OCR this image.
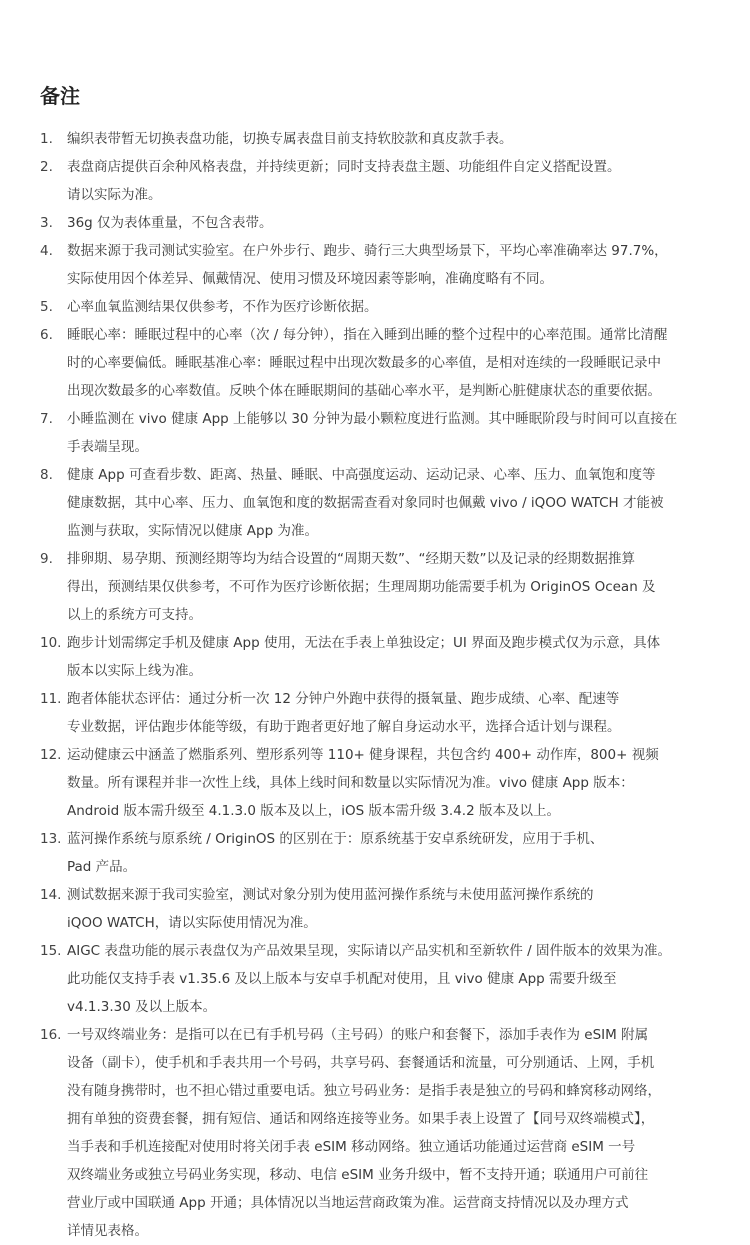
备注
1.	编织表带暂无切换表盘功能，切换专属表盘目前支持软胶款和真皮款手表。
2.	表盘商店提供百余种风格表盘，并持续更新；同时支持表盘主题、功能组件自定义搭配设置。
请以实际为准。
3.	36g 仅为表体重量，不包含表带。
4.	数据来源于我司测试实验室。在户外步行、跑步、骑行三大典型场景下，平均心率准确率达 97.7%，
实际使用因个体差异、佩戴情况、使用习惯及环境因素等影响，准确度略有不同。
5.	心率血氧监测结果仅供参考，不作为医疗诊断依据。
6.	睡眠心率：睡眠过程中的心率（次 / 每分钟），指在入睡到出睡的整个过程中的心率范围。通常比清醒
时的心率要偏低。睡眠基准心率：睡眠过程中出现次数最多的心率值，是相对连续的一段睡眠记录中
出现次数最多的心率数值。反映个体在睡眠期间的基础心率水平，是判断心脏健康状态的重要依据。
7.	小睡监测在 vivo 健康 App 上能够以 30 分钟为最小颗粒度进行监测。其中睡眠阶段与时间可以直接在
手表端呈现。
8.	健康 App 可查看步数、距离、热量、睡眠、中高强度运动、运动记录、心率、压力、血氧饱和度等
健康数据，其中心率、压力、血氧饱和度的数据需查看对象同时也佩戴 vivo / iQOO WATCH 才能被
监测与获取，实际情况以健康 App 为准。
9.	排卵期、易孕期、预测经期等均为结合设置的“周期天数”、“经期天数”以及记录的经期数据推算
得出，预测结果仅供参考，不可作为医疗诊断依据；生理周期功能需要手机为 OriginOS Ocean 及
以上的系统方可支持。
10. 跑步计划需绑定手机及健康 App 使用，无法在手表上单独设定；UI 界面及跑步模式仅为示意，具体
版本以实际上线为准。
11. 跑者体能状态评估：通过分析一次 12 分钟户外跑中获得的摄氧量、跑步成绩、心率、配速等
专业数据，评估跑步体能等级，有助于跑者更好地了解自身运动水平，选择合适计划与课程。
12. 运动健康云中涵盖了燃脂系列、塑形系列等 110+ 健身课程，共包含约 400+ 动作库，800+ 视频
数量。所有课程并非一次性上线，具体上线时间和数量以实际情况为准。vivo 健康 App 版本：
Android 版本需升级至 4.1.3.0 版本及以上，iOS 版本需升级 3.4.2 版本及以上。
13. 蓝河操作系统与原系统 / OriginOS 的区别在于：原系统基于安卓系统研发，应用于手机、
Pad 产品。
14. 测试数据来源于我司实验室，测试对象分别为使用蓝河操作系统与未使用蓝河操作系统的
iQOO WATCH，请以实际使用情况为准。
15. AIGC 表盘功能的展示表盘仅为产品效果呈现，实际请以产品实机和至新软件 / 固件版本的效果为准。
此功能仅支持手表 v1.35.6 及以上版本与安卓手机配对使用，且 vivo 健康 App 需要升级至
v4.1.3.30 及以上版本。
16. 一号双终端业务：是指可以在已有手机号码（主号码）的账户和套餐下，添加手表作为 eSIM 附属
设备（副卡），使手机和手表共用一个号码，共享号码、套餐通话和流量，可分别通话、上网，手机
没有随身携带时，也不担心错过重要电话。独立号码业务：是指手表是独立的号码和蜂窝移动网络，
拥有单独的资费套餐，拥有短信、通话和网络连接等业务。如果手表上设置了【同号双终端模式】，
当手表和手机连接配对使用时将关闭手表 eSIM 移动网络。独立通话功能通过运营商 eSIM 一号
双终端业务或独立号码业务实现，移动、电信 eSIM 业务升级中，暂不支持开通；联通用户可前往
营业厅或中国联通 App 开通；具体情况以当地运营商政策为准。运营商支持情况以及办理方式
详情见表格。
